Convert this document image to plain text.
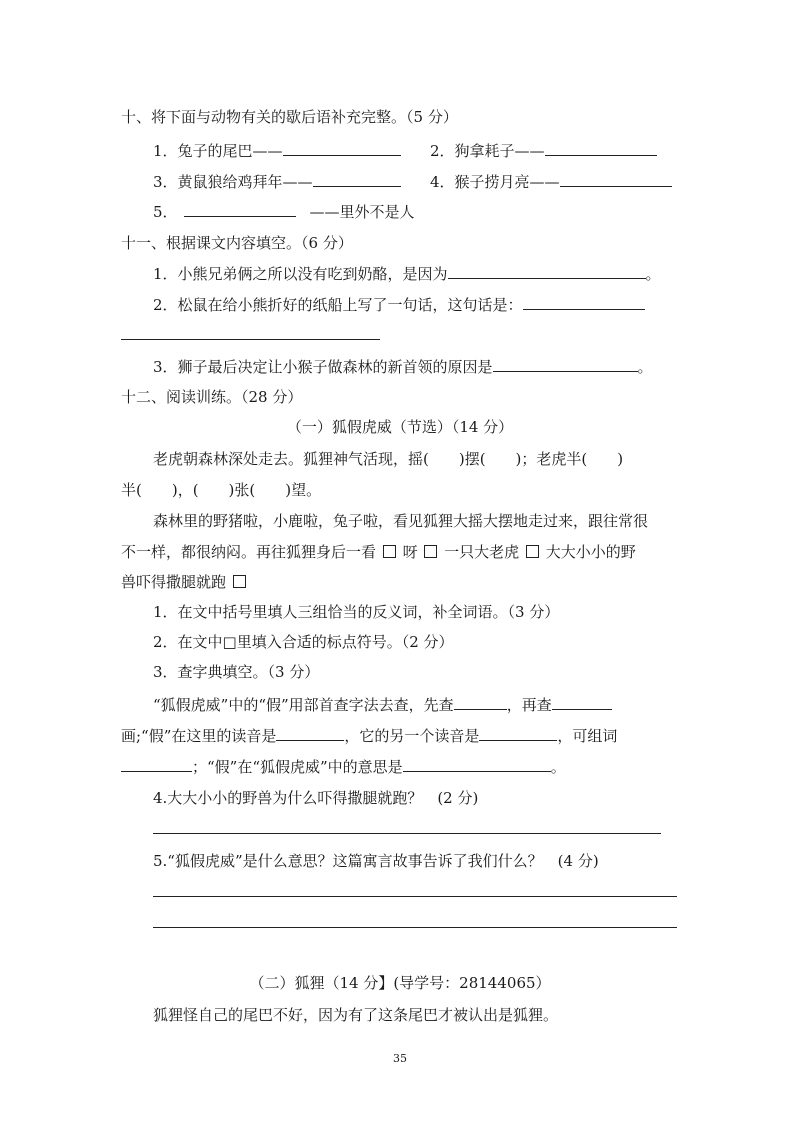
十、将下面与动物有关的歇后语补充完整。（5 分）
1．兔子的尾巴——	2．狗拿耗子——
3．黄鼠狼给鸡拜年——	4．猴子捞月亮——
5．	——里外不是人
十一、根据课文内容填空。（6 分）
1．小熊兄弟俩之所以没有吃到奶酪，是因为	。
2．松鼠在给小熊折好的纸船上写了一句话，这句话是：
3．狮子最后决定让小猴子做森林的新首领的原因是	。
十二、阅读训练。（28 分）
（一）狐假虎威（节选）（14 分）
老虎朝森林深处走去。狐狸神气活现，摇(　　)摆(　　)；老虎半(　　)
半(　　)，(　　)张(　　)望。
森林里的野猪啦，小鹿啦，兔子啦，看见狐狸大摇大摆地走过来，跟往常很
不一样，都很纳闷。再往狐狸身后一看 呀 一只大老虎 大大小小的野
兽吓得撒腿就跑
1．在文中括号里填人三组恰当的反义词，补全词语。（3 分）
2．在文中□里填入合适的标点符号。（2 分）
3．查字典填空。（3 分）
“狐假虎威”中的“假”用部首查字法去查，先查	，再查
画;“假”在这里的读音是	，它的另一个读音是	，可组词
；“假”在“狐假虎威”中的意思是	。
4.大大小小的野兽为什么吓得撒腿就跑？　(2 分)
5.“狐假虎威”是什么意思？这篇寓言故事告诉了我们什么？　(4 分)
（二）狐狸（14 分】(导学号：28144065）
狐狸怪自己的尾巴不好，因为有了这条尾巴才被认出是狐狸。
35
